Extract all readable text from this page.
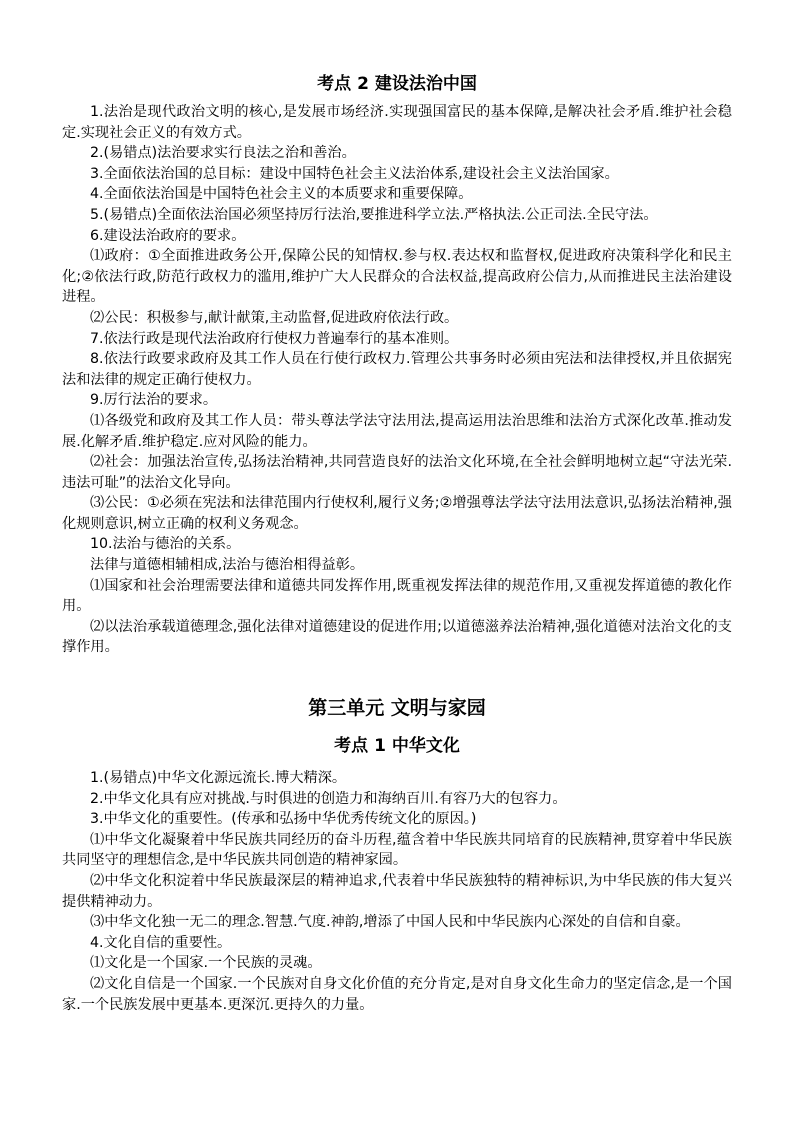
考点 2 建设法治中国

1.法治是现代政治文明的核心,是发展市场经济.实现强国富民的基本保障,是解决社会矛盾.维护社会稳定.实现社会正义的有效方式。

2.(易错点)法治要求实行良法之治和善治。

3.全面依法治国的总目标：建设中国特色社会主义法治体系,建设社会主义法治国家。

4.全面依法治国是中国特色社会主义的本质要求和重要保障。

5.(易错点)全面依法治国必须坚持厉行法治,要推进科学立法.严格执法.公正司法.全民守法。

6.建设法治政府的要求。

⑴政府：①全面推进政务公开,保障公民的知情权.参与权.表达权和监督权,促进政府决策科学化和民主化;②依法行政,防范行政权力的滥用,维护广大人民群众的合法权益,提高政府公信力,从而推进民主法治建设进程。

⑵公民：积极参与,献计献策,主动监督,促进政府依法行政。

7.依法行政是现代法治政府行使权力普遍奉行的基本准则。

8.依法行政要求政府及其工作人员在行使行政权力.管理公共事务时必须由宪法和法律授权,并且依据宪法和法律的规定正确行使权力。

9.厉行法治的要求。

⑴各级党和政府及其工作人员：带头尊法学法守法用法,提高运用法治思维和法治方式深化改革.推动发展.化解矛盾.维护稳定.应对风险的能力。

⑵社会：加强法治宣传,弘扬法治精神,共同营造良好的法治文化环境,在全社会鲜明地树立起“守法光荣.违法可耻”的法治文化导向。

⑶公民：①必须在宪法和法律范围内行使权利,履行义务;②增强尊法学法守法用法意识,弘扬法治精神,强化规则意识,树立正确的权利义务观念。

10.法治与德治的关系。

法律与道德相辅相成,法治与德治相得益彰。

⑴国家和社会治理需要法律和道德共同发挥作用,既重视发挥法律的规范作用,又重视发挥道德的教化作用。

⑵以法治承载道德理念,强化法律对道德建设的促进作用;以道德滋养法治精神,强化道德对法治文化的支撑作用。

第三单元 文明与家园
考点 1 中华文化

1.(易错点)中华文化源远流长.博大精深。

2.中华文化具有应对挑战.与时俱进的创造力和海纳百川.有容乃大的包容力。

3.中华文化的重要性。(传承和弘扬中华优秀传统文化的原因。)

⑴中华文化凝聚着中华民族共同经历的奋斗历程,蕴含着中华民族共同培育的民族精神,贯穿着中华民族共同坚守的理想信念,是中华民族共同创造的精神家园。

⑵中华文化积淀着中华民族最深层的精神追求,代表着中华民族独特的精神标识,为中华民族的伟大复兴提供精神动力。

⑶中华文化独一无二的理念.智慧.气度.神韵,增添了中国人民和中华民族内心深处的自信和自豪。

4.文化自信的重要性。

⑴文化是一个国家.一个民族的灵魂。

⑵文化自信是一个国家.一个民族对自身文化价值的充分肯定,是对自身文化生命力的坚定信念,是一个国家.一个民族发展中更基本.更深沉.更持久的力量。
